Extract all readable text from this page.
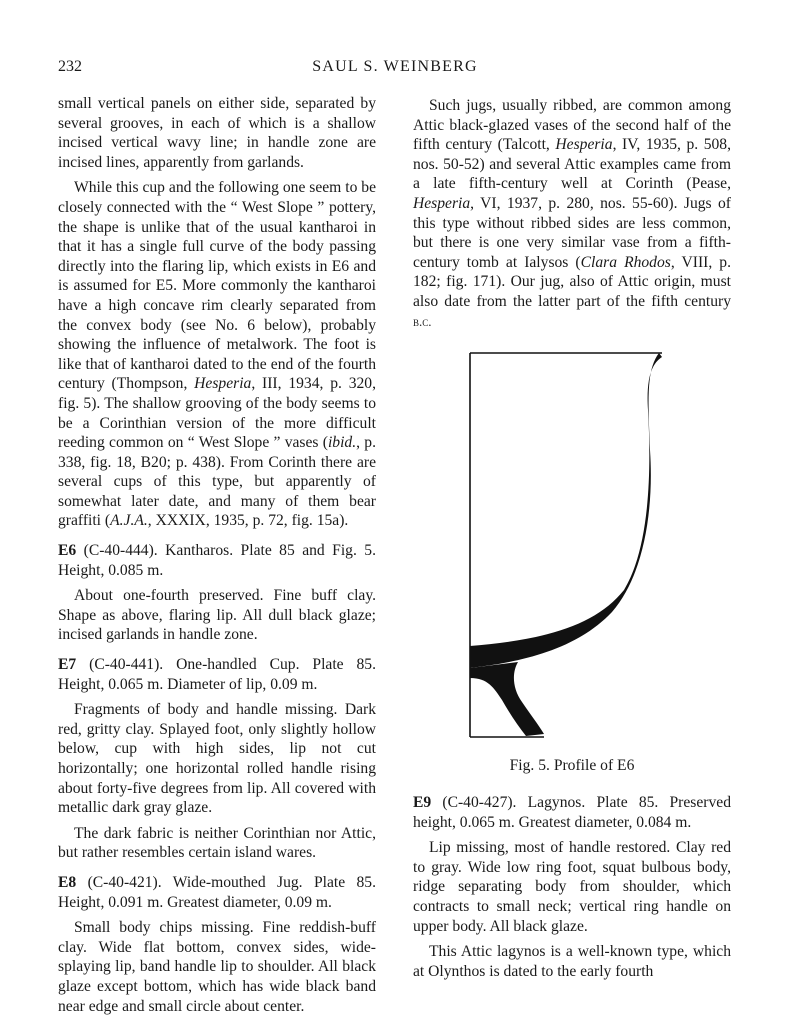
232	SAUL S. WEINBERG

small vertical panels on either side, separated by several grooves, in each of which is a shallow incised vertical wavy line; in handle zone are incised lines, apparently from garlands.

While this cup and the following one seem to be closely connected with the “ West Slope ” pottery, the shape is unlike that of the usual kantharoi in that it has a single full curve of the body passing directly into the flaring lip, which exists in E6 and is assumed for E5. More commonly the kantharoi have a high concave rim clearly separated from the convex body (see No. 6 below), probably showing the influence of metalwork. The foot is like that of kantharoi dated to the end of the fourth century (Thompson, Hesperia, III, 1934, p. 320, fig. 5). The shallow grooving of the body seems to be a Corinthian version of the more difficult reeding common on “ West Slope ” vases (ibid., p. 338, fig. 18, B20; p. 438). From Corinth there are several cups of this type, but apparently of somewhat later date, and many of them bear graffiti (A.J.A., XXXIX, 1935, p. 72, fig. 15a).

E6 (C-40-444). Kantharos. Plate 85 and Fig. 5. Height, 0.085 m.

About one-fourth preserved. Fine buff clay. Shape as above, flaring lip. All dull black glaze; incised garlands in handle zone.

E7 (C-40-441). One-handled Cup. Plate 85. Height, 0.065 m. Diameter of lip, 0.09 m.

Fragments of body and handle missing. Dark red, gritty clay. Splayed foot, only slightly hollow below, cup with high sides, lip not cut horizontally; one horizontal rolled handle rising about forty-five degrees from lip. All covered with metallic dark gray glaze.

The dark fabric is neither Corinthian nor Attic, but rather resembles certain island wares.

E8 (C-40-421). Wide-mouthed Jug. Plate 85. Height, 0.091 m. Greatest diameter, 0.09 m.

Small body chips missing. Fine reddish-buff clay. Wide flat bottom, convex sides, wide-splaying lip, band handle lip to shoulder. All black glaze except bottom, which has wide black band near edge and small circle about center.

Such jugs, usually ribbed, are common among Attic black-glazed vases of the second half of the fifth century (Talcott, Hesperia, IV, 1935, p. 508, nos. 50-52) and several Attic examples came from a late fifth-century well at Corinth (Pease, Hesperia, VI, 1937, p. 280, nos. 55-60). Jugs of this type without ribbed sides are less common, but there is one very similar vase from a fifth-century tomb at Ialysos (Clara Rhodos, VIII, p. 182; fig. 171). Our jug, also of Attic origin, must also date from the latter part of the fifth century b.c.

Fig. 5. Profile of E6

E9 (C-40-427). Lagynos. Plate 85. Preserved height, 0.065 m. Greatest diameter, 0.084 m.

Lip missing, most of handle restored. Clay red to gray. Wide low ring foot, squat bulbous body, ridge separating body from shoulder, which contracts to small neck; vertical ring handle on upper body. All black glaze.

This Attic lagynos is a well-known type, which at Olynthos is dated to the early fourth
